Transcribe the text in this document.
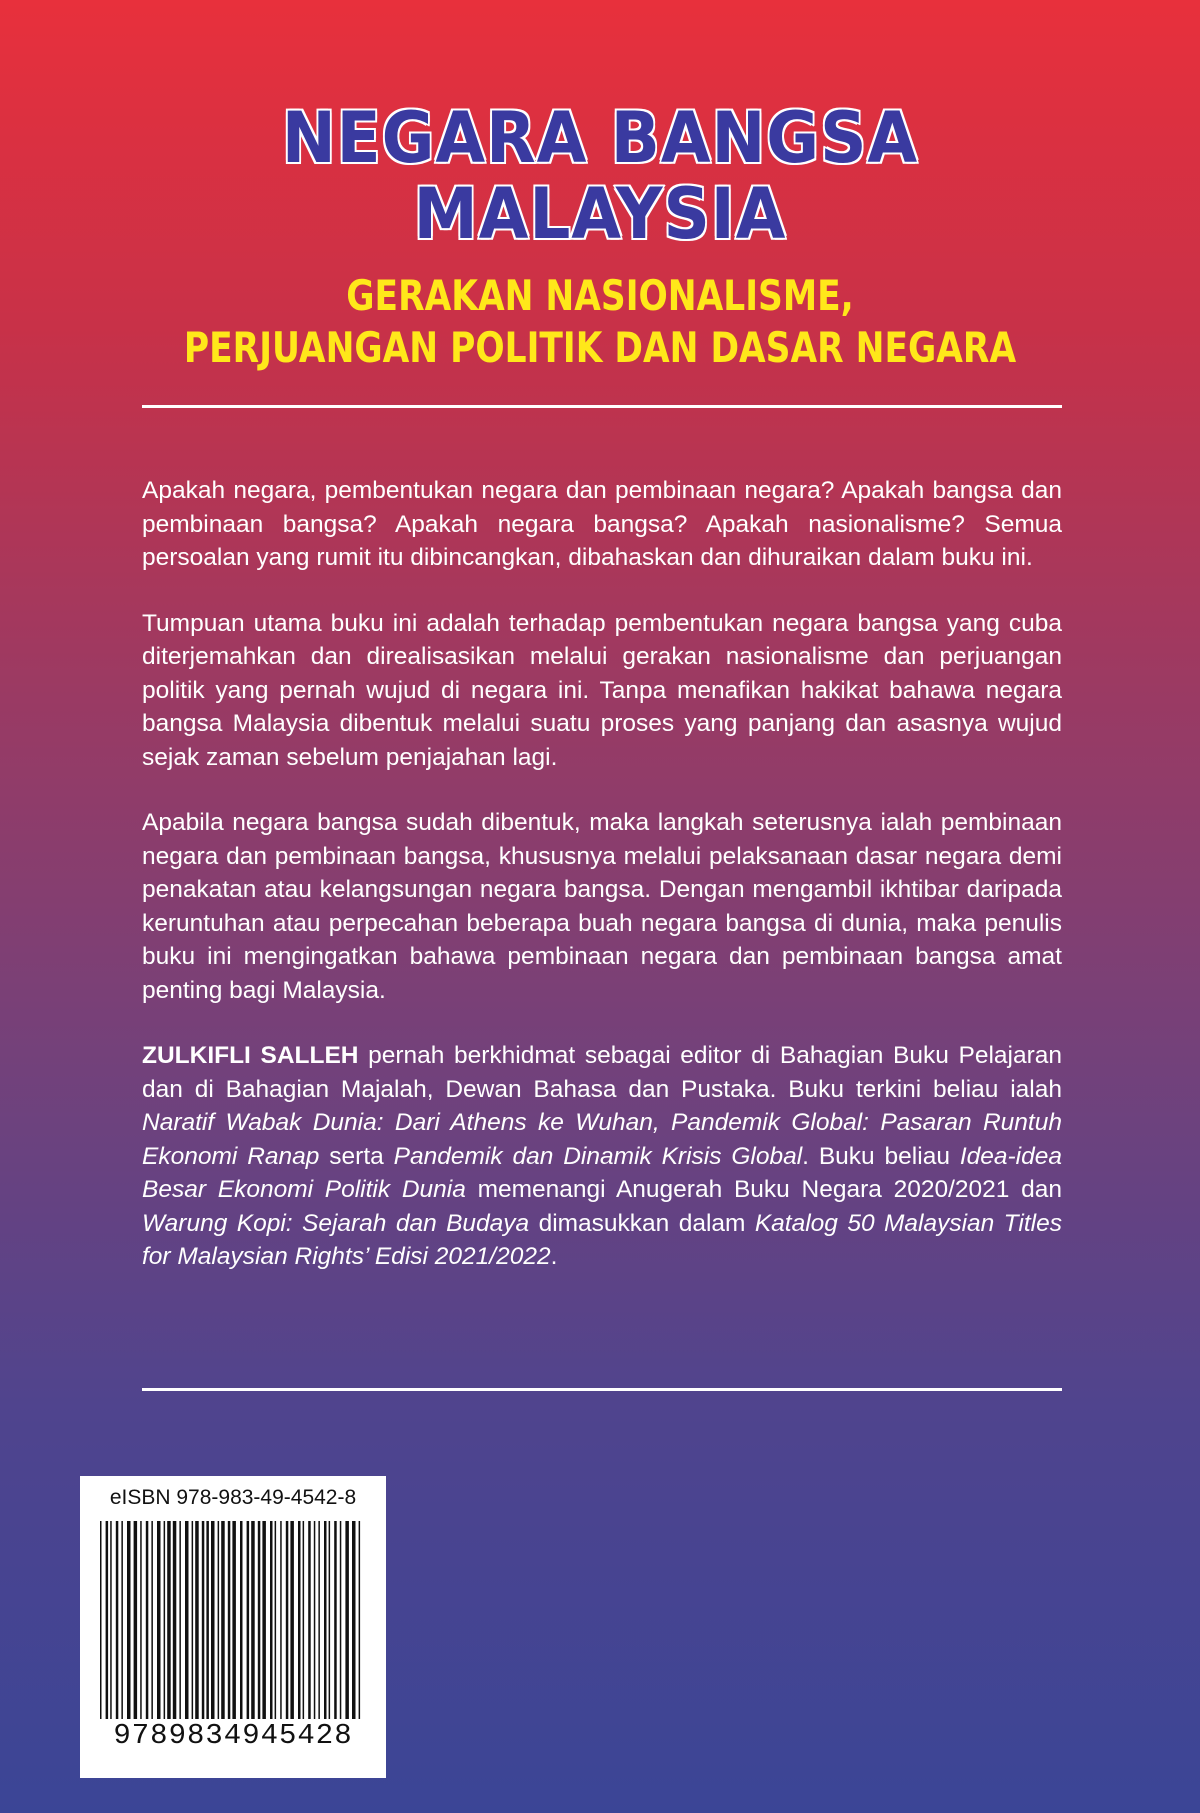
NEGARA BANGSA
MALAYSIA
GERAKAN NASIONALISME,
PERJUANGAN POLITIK DAN DASAR NEGARA

Apakah negara, pembentukan negara dan pembinaan negara? Apakah bangsa dan pembinaan bangsa? Apakah negara bangsa? Apakah nasionalisme? Semua persoalan yang rumit itu dibincangkan, dibahaskan dan dihuraikan dalam buku ini.

Tumpuan utama buku ini adalah terhadap pembentukan negara bangsa yang cuba diterjemahkan dan direalisasikan melalui gerakan nasionalisme dan perjuangan politik yang pernah wujud di negara ini. Tanpa menafikan hakikat bahawa negara bangsa Malaysia dibentuk melalui suatu proses yang panjang dan asasnya wujud sejak zaman sebelum penjajahan lagi.

Apabila negara bangsa sudah dibentuk, maka langkah seterusnya ialah pembinaan negara dan pembinaan bangsa, khususnya melalui pelaksanaan dasar negara demi penakatan atau kelangsungan negara bangsa. Dengan mengambil ikhtibar daripada keruntuhan atau perpecahan beberapa buah negara bangsa di dunia, maka penulis buku ini mengingatkan bahawa pembinaan negara dan pembinaan bangsa amat penting bagi Malaysia.

ZULKIFLI SALLEH pernah berkhidmat sebagai editor di Bahagian Buku Pelajaran dan di Bahagian Majalah, Dewan Bahasa dan Pustaka. Buku terkini beliau ialah Naratif Wabak Dunia: Dari Athens ke Wuhan, Pandemik Global: Pasaran Runtuh Ekonomi Ranap serta Pandemik dan Dinamik Krisis Global. Buku beliau Idea-idea Besar Ekonomi Politik Dunia memenangi Anugerah Buku Negara 2020/2021 dan Warung Kopi: Sejarah dan Budaya dimasukkan dalam Katalog 50 Malaysian Titles for Malaysian Rights’ Edisi 2021/2022.

eISBN 978-983-49-4542-8
9789834945428
